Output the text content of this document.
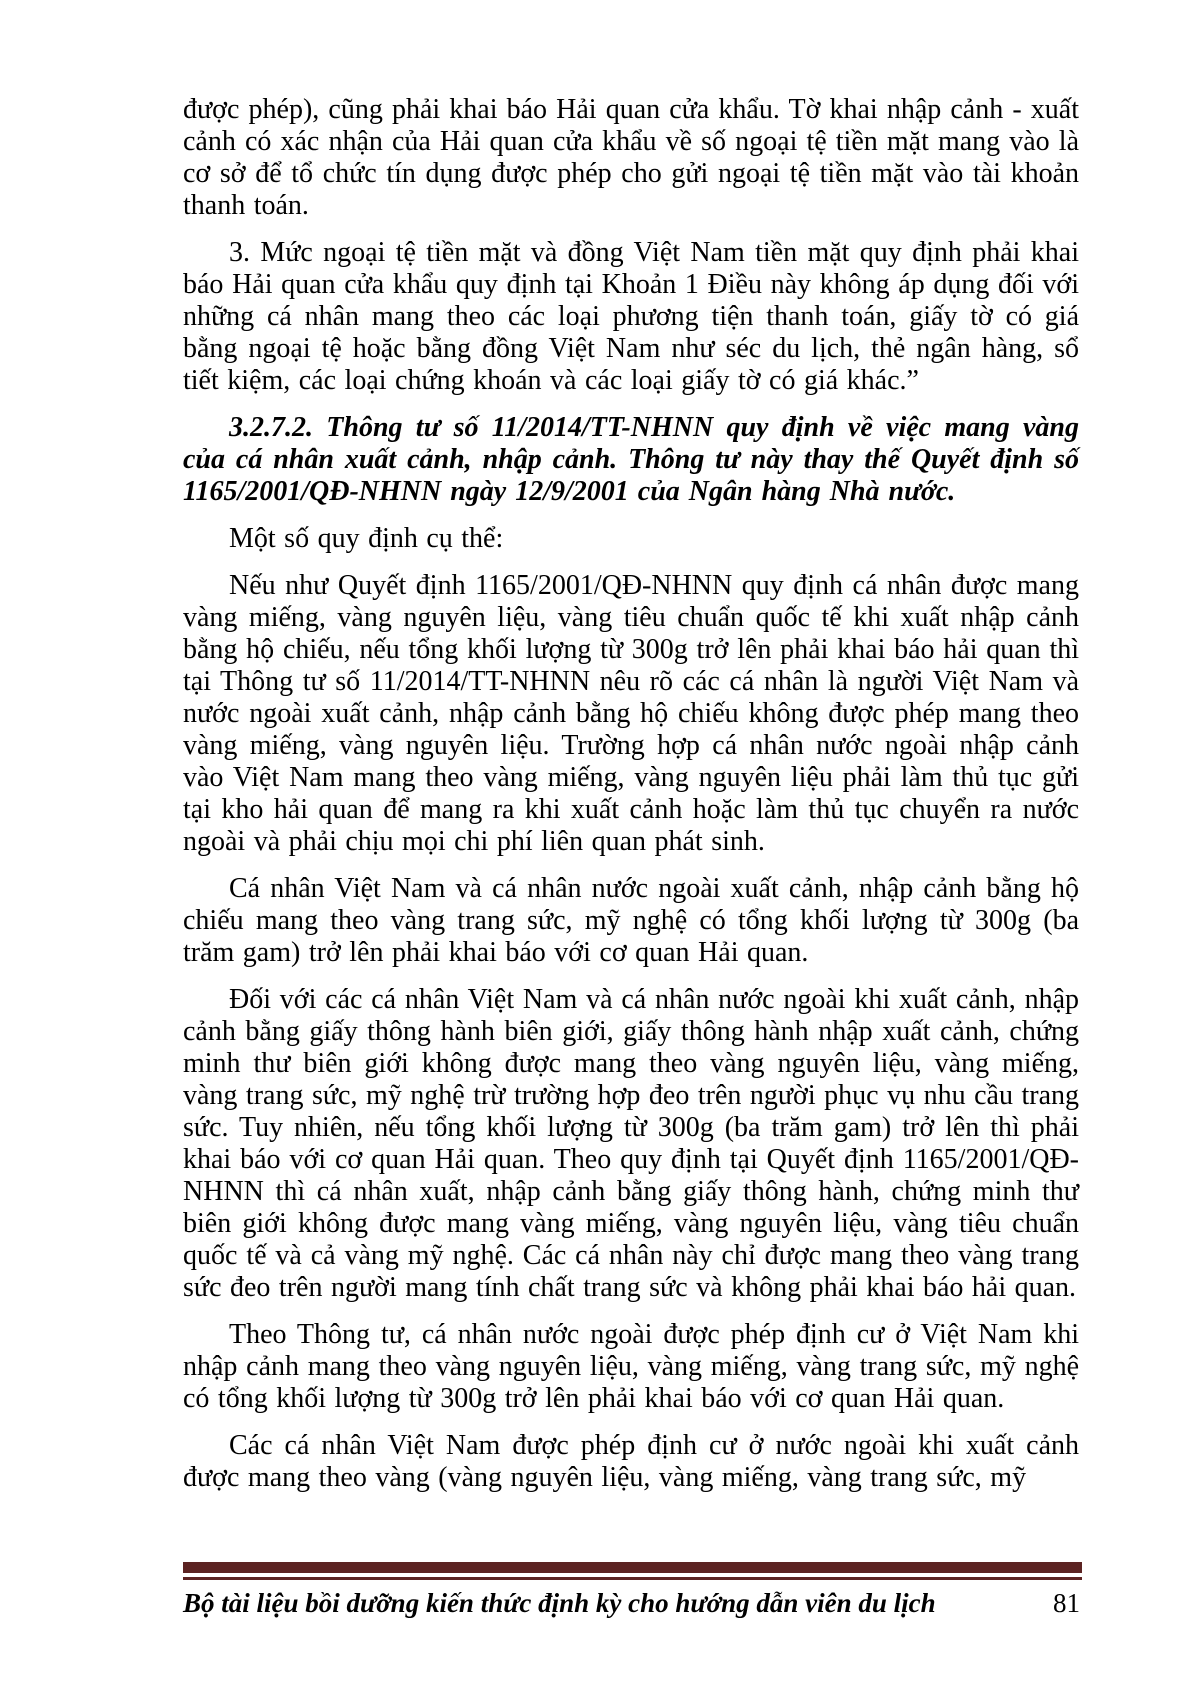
được phép), cũng phải khai báo Hải quan cửa khẩu. Tờ khai nhập cảnh - xuất cảnh có xác nhận của Hải quan cửa khẩu về số ngoại tệ tiền mặt mang vào là cơ sở để tổ chức tín dụng được phép cho gửi ngoại tệ tiền mặt vào tài khoản thanh toán.

3. Mức ngoại tệ tiền mặt và đồng Việt Nam tiền mặt quy định phải khai báo Hải quan cửa khẩu quy định tại Khoản 1 Điều này không áp dụng đối với những cá nhân mang theo các loại phương tiện thanh toán, giấy tờ có giá bằng ngoại tệ hoặc bằng đồng Việt Nam như séc du lịch, thẻ ngân hàng, sổ tiết kiệm, các loại chứng khoán và các loại giấy tờ có giá khác.”

3.2.7.2. Thông tư số 11/2014/TT-NHNN quy định về việc mang vàng của cá nhân xuất cảnh, nhập cảnh. Thông tư này thay thế Quyết định số 1165/2001/QĐ-NHNN ngày 12/9/2001 của Ngân hàng Nhà nước.

Một số quy định cụ thể:

Nếu như Quyết định 1165/2001/QĐ-NHNN quy định cá nhân được mang vàng miếng, vàng nguyên liệu, vàng tiêu chuẩn quốc tế khi xuất nhập cảnh bằng hộ chiếu, nếu tổng khối lượng từ 300g trở lên phải khai báo hải quan thì tại Thông tư số 11/2014/TT-NHNN nêu rõ các cá nhân là người Việt Nam và nước ngoài xuất cảnh, nhập cảnh bằng hộ chiếu không được phép mang theo vàng miếng, vàng nguyên liệu. Trường hợp cá nhân nước ngoài nhập cảnh vào Việt Nam mang theo vàng miếng, vàng nguyên liệu phải làm thủ tục gửi tại kho hải quan để mang ra khi xuất cảnh hoặc làm thủ tục chuyển ra nước ngoài và phải chịu mọi chi phí liên quan phát sinh.

Cá nhân Việt Nam và cá nhân nước ngoài xuất cảnh, nhập cảnh bằng hộ chiếu mang theo vàng trang sức, mỹ nghệ có tổng khối lượng từ 300g (ba trăm gam) trở lên phải khai báo với cơ quan Hải quan.

Đối với các cá nhân Việt Nam và cá nhân nước ngoài khi xuất cảnh, nhập cảnh bằng giấy thông hành biên giới, giấy thông hành nhập xuất cảnh, chứng minh thư biên giới không được mang theo vàng nguyên liệu, vàng miếng, vàng trang sức, mỹ nghệ trừ trường hợp đeo trên người phục vụ nhu cầu trang sức. Tuy nhiên, nếu tổng khối lượng từ 300g (ba trăm gam) trở lên thì phải khai báo với cơ quan Hải quan. Theo quy định tại Quyết định 1165/2001/QĐ-NHNN thì cá nhân xuất, nhập cảnh bằng giấy thông hành, chứng minh thư biên giới không được mang vàng miếng, vàng nguyên liệu, vàng tiêu chuẩn quốc tế và cả vàng mỹ nghệ. Các cá nhân này chỉ được mang theo vàng trang sức đeo trên người mang tính chất trang sức và không phải khai báo hải quan.

Theo Thông tư, cá nhân nước ngoài được phép định cư ở Việt Nam khi nhập cảnh mang theo vàng nguyên liệu, vàng miếng, vàng trang sức, mỹ nghệ có tổng khối lượng từ 300g trở lên phải khai báo với cơ quan Hải quan.

Các cá nhân Việt Nam được phép định cư ở nước ngoài khi xuất cảnh được mang theo vàng (vàng nguyên liệu, vàng miếng, vàng trang sức, mỹ

Bộ tài liệu bồi dưỡng kiến thức định kỳ cho hướng dẫn viên du lịch	81
